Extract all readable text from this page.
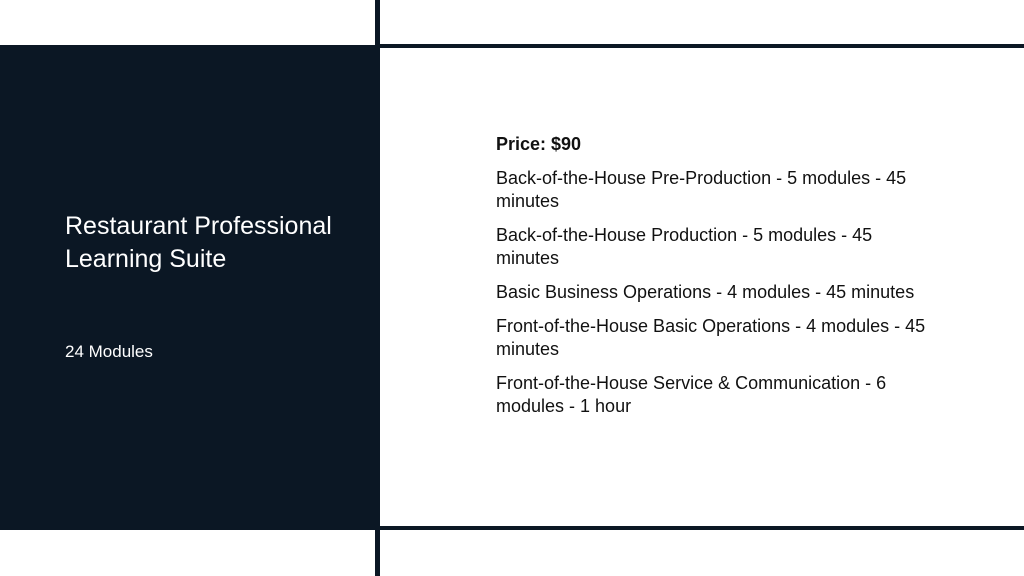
Restaurant Professional Learning Suite

24 Modules

Price: $90

Back-of-the-House Pre-Production - 5 modules - 45 minutes
Back-of-the-House Production - 5 modules - 45 minutes
Basic Business Operations - 4 modules - 45 minutes
Front-of-the-House Basic Operations - 4 modules - 45 minutes
Front-of-the-House Service & Communication - 6 modules - 1 hour
